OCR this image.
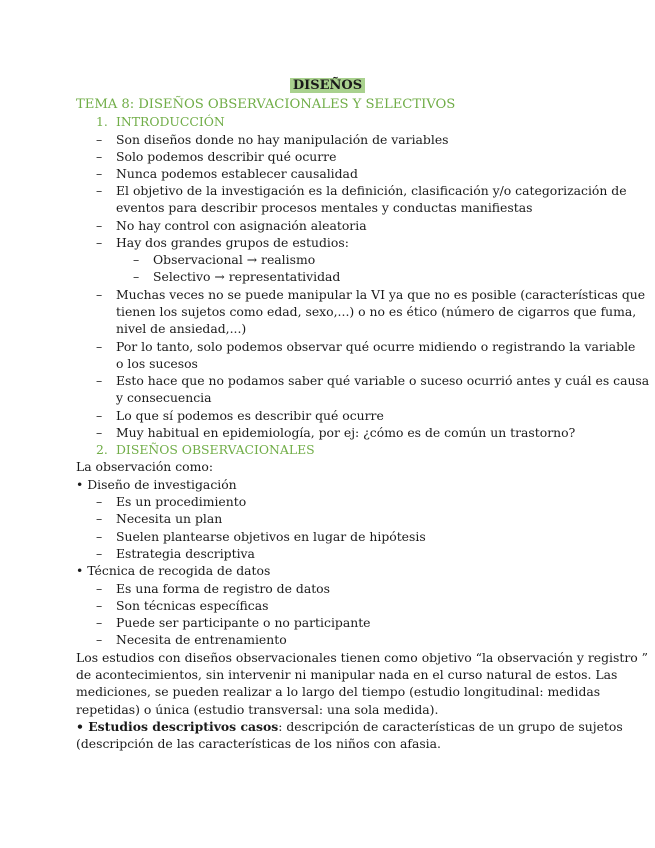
DISEÑOS
TEMA 8: DISEÑOS OBSERVACIONALES Y SELECTIVOS
1. INTRODUCCIÓN
– Son diseños donde no hay manipulación de variables
– Solo podemos describir qué ocurre
– Nunca podemos establecer causalidad
– El objetivo de la investigación es la definición, clasificación y/o categorización de
eventos para describir procesos mentales y conductas manifiestas
– No hay control con asignación aleatoria
– Hay dos grandes grupos de estudios:
– Observacional → realismo
– Selectivo → representatividad
– Muchas veces no se puede manipular la VI ya que no es posible (características que
tienen los sujetos como edad, sexo,...) o no es ético (número de cigarros que fuma,
nivel de ansiedad,...)
– Por lo tanto, solo podemos observar qué ocurre midiendo o registrando la variable
o los sucesos
– Esto hace que no podamos saber qué variable o suceso ocurrió antes y cuál es causa
y consecuencia
– Lo que sí podemos es describir qué ocurre
– Muy habitual en epidemiología, por ej: ¿cómo es de común un trastorno?
2. DISEÑOS OBSERVACIONALES
La observación como:
• Diseño de investigación
– Es un procedimiento
– Necesita un plan
– Suelen plantearse objetivos en lugar de hipótesis
– Estrategia descriptiva
• Técnica de recogida de datos
– Es una forma de registro de datos
– Son técnicas específicas
– Puede ser participante o no participante
– Necesita de entrenamiento
Los estudios con diseños observacionales tienen como objetivo “la observación y registro ”
de acontecimientos, sin intervenir ni manipular nada en el curso natural de estos. Las
mediciones, se pueden realizar a lo largo del tiempo (estudio longitudinal: medidas
repetidas) o única (estudio transversal: una sola medida).
• Estudios descriptivos casos: descripción de características de un grupo de sujetos
(descripción de las características de los niños con afasia.
